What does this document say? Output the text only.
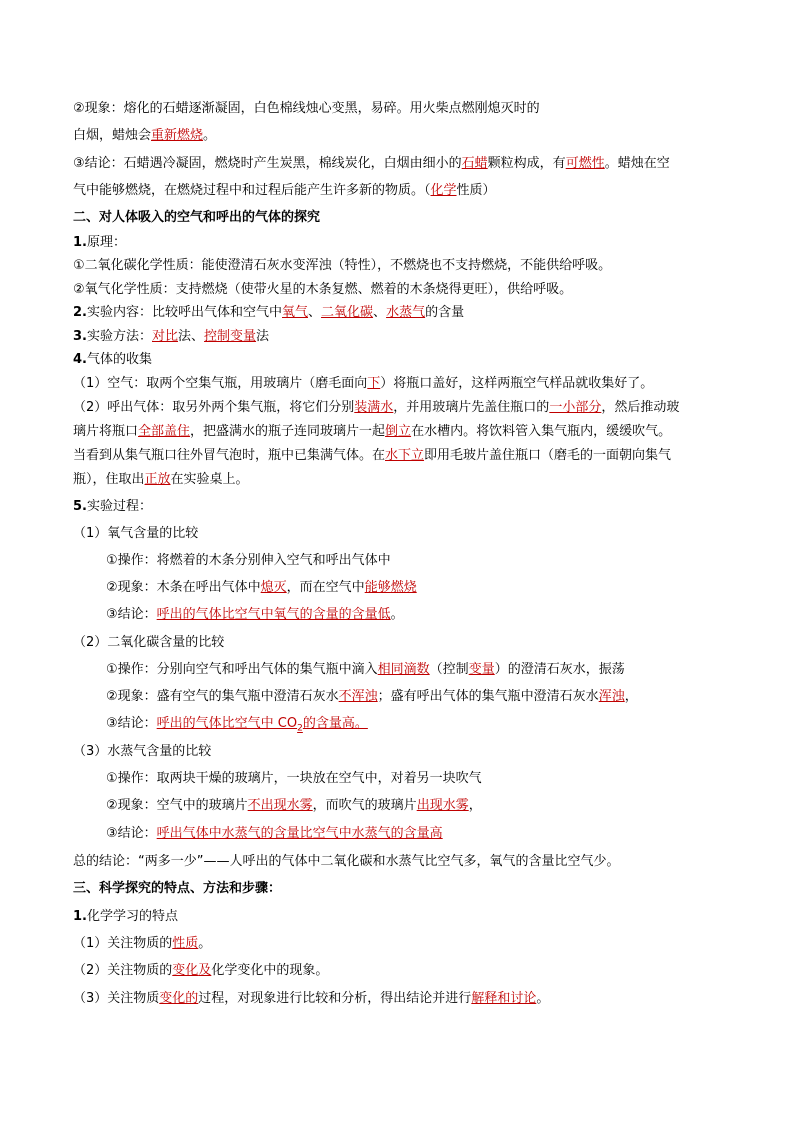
②现象：熔化的石蜡逐渐凝固，白色棉线烛心变黑，易碎。用火柴点燃刚熄灭时的
白烟，蜡烛会重新燃烧。
③结论：石蜡遇冷凝固，燃烧时产生炭黑，棉线炭化，白烟由细小的石蜡颗粒构成，有可燃性。蜡烛在空
气中能够燃烧，在燃烧过程中和过程后能产生许多新的物质。（化学性质）
二、对人体吸入的空气和呼出的气体的探究
1.原理：
①二氧化碳化学性质：能使澄清石灰水变浑浊（特性），不燃烧也不支持燃烧，不能供给呼吸。
②氧气化学性质：支持燃烧（使带火星的木条复燃、燃着的木条烧得更旺），供给呼吸。
2.实验内容：比较呼出气体和空气中氧气、二氧化碳、水蒸气的含量
3.实验方法：对比法、控制变量法
4.气体的收集
（1）空气：取两个空集气瓶，用玻璃片（磨毛面向下）将瓶口盖好，这样两瓶空气样品就收集好了。
（2）呼出气体：取另外两个集气瓶，将它们分别装满水，并用玻璃片先盖住瓶口的一小部分，然后推动玻
璃片将瓶口全部盖住，把盛满水的瓶子连同玻璃片一起倒立在水槽内。将饮料管入集气瓶内，缓缓吹气。
当看到从集气瓶口往外冒气泡时，瓶中已集满气体。在水下立即用毛玻片盖住瓶口（磨毛的一面朝向集气
瓶），住取出正放在实验桌上。
5.实验过程：
（1）氧气含量的比较
①操作：将燃着的木条分别伸入空气和呼出气体中
②现象：木条在呼出气体中熄灭，而在空气中能够燃烧
③结论：呼出的气体比空气中氧气的含量的含量低。
（2）二氧化碳含量的比较
①操作：分别向空气和呼出气体的集气瓶中滴入相同滴数（控制变量）的澄清石灰水，振荡
②现象：盛有空气的集气瓶中澄清石灰水不浑浊；盛有呼出气体的集气瓶中澄清石灰水浑浊，
③结论：呼出的气体比空气中 $CO_2$的含量高。
（3）水蒸气含量的比较
①操作：取两块干燥的玻璃片，一块放在空气中，对着另一块吹气
②现象：空气中的玻璃片不出现水雾，而吹气的玻璃片出现水雾，
③结论：呼出气体中水蒸气的含量比空气中水蒸气的含量高
总的结论：“两多一少”——人呼出的气体中二氧化碳和水蒸气比空气多，氧气的含量比空气少。
三、科学探究的特点、方法和步骤：
1.化学学习的特点
（1）关注物质的性质。
（2）关注物质的变化及化学变化中的现象。
（3）关注物质变化的过程，对现象进行比较和分析，得出结论并进行解释和讨论。
